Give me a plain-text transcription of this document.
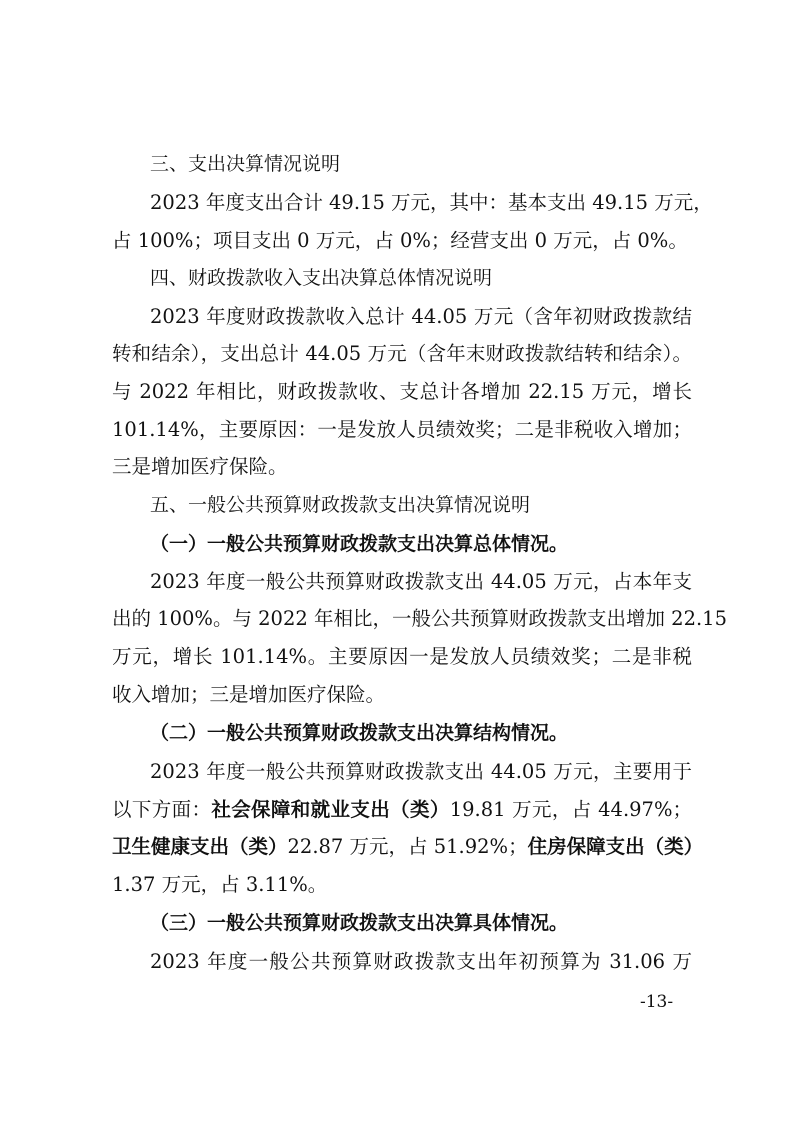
三、支出决算情况说明
2023 年度支出合计 49.15 万元，其中：基本支出 49.15 万元，
占 100%；项目支出 0 万元，占 0%；经营支出 0 万元，占 0%。
四、财政拨款收入支出决算总体情况说明
2023 年度财政拨款收入总计 44.05 万元（含年初财政拨款结
转和结余），支出总计 44.05 万元（含年末财政拨款结转和结余）。
与 2022 年相比，财政拨款收、支总计各增加 22.15 万元，增长
101.14%，主要原因：一是发放人员绩效奖；二是非税收入增加；
三是增加医疗保险。
五、一般公共预算财政拨款支出决算情况说明
（一）一般公共预算财政拨款支出决算总体情况。
2023 年度一般公共预算财政拨款支出 44.05 万元，占本年支
出的 100%。与 2022 年相比，一般公共预算财政拨款支出增加 22.15
万元，增长 101.14%。主要原因一是发放人员绩效奖；二是非税
收入增加；三是增加医疗保险。
（二）一般公共预算财政拨款支出决算结构情况。
2023 年度一般公共预算财政拨款支出 44.05 万元，主要用于
以下方面：社会保障和就业支出（类）19.81 万元，占 44.97%；
卫生健康支出（类）22.87 万元，占 51.92%；住房保障支出（类）
1.37 万元，占 3.11%。
（三）一般公共预算财政拨款支出决算具体情况。
2023 年度一般公共预算财政拨款支出年初预算为 31.06 万
-13-
